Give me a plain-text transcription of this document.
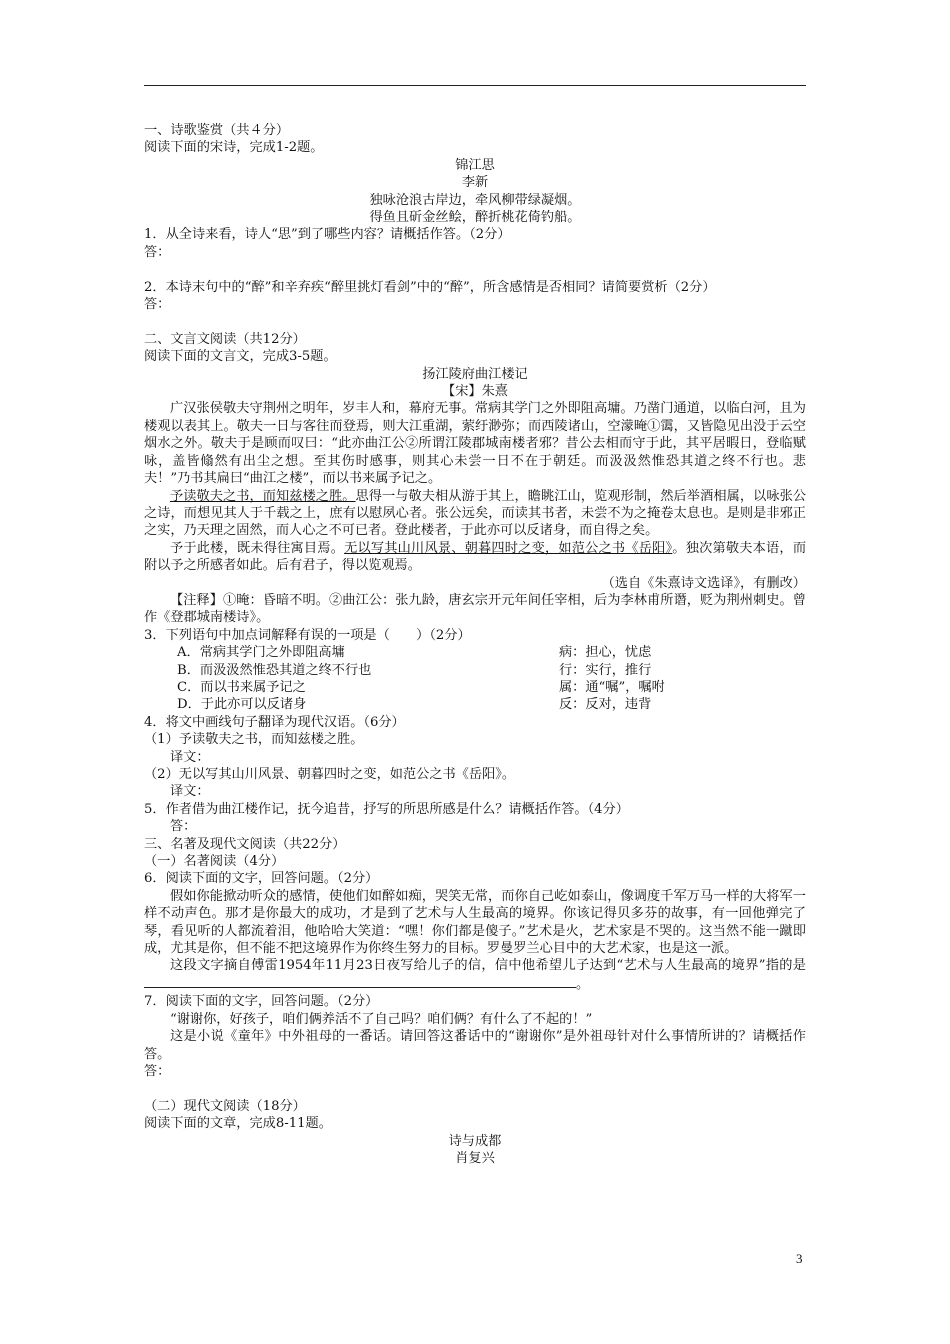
一、诗歌鉴赏（共４分）

阅读下面的宋诗，完成1-2题。

锦江思

李新

独咏沧浪古岸边，牵风柳带绿凝烟。

得鱼且斫金丝鲙，醉折桃花倚钓船。

1．从全诗来看，诗人“思”到了哪些内容？请概括作答。（2分）

答：

2．本诗末句中的“醉”和辛弃疾“醉里挑灯看剑”中的“醉”，所含感情是否相同？请简要赏析（2分）

答：

二、文言文阅读（共12分）

阅读下面的文言文，完成3-5题。

扬江陵府曲江楼记

【宋】朱熹

广汉张侯敬夫守荆州之明年，岁丰人和，幕府无事。常病其学门之外即阻高墉。乃凿门通道，以临白河，且为楼观以表其上。敬夫一日与客往而登焉，则大江重湖，萦纡渺弥；而西陵诸山，空濛晻①霭，又皆隐见出没于云空烟水之外。敬夫于是顾而叹曰：“此亦曲江公②所谓江陵郡城南楼者邪？昔公去相而守于此，其平居暇日，登临赋咏，盖皆翛然有出尘之想。至其伤时感事，则其心未尝一日不在于朝廷。而汲汲然惟恐其道之终不行也。悲夫！”乃书其扁曰“曲江之楼”，而以书来属予记之。

予读敬夫之书，而知兹楼之胜。思得一与敬夫相从游于其上，瞻眺江山，览观形制，然后举酒相属，以咏张公之诗，而想见其人于千载之上，庶有以慰夙心者。张公远矣，而读其书者，未尝不为之掩卷太息也。是则是非邪正之实，乃天理之固然，而人心之不可已者。登此楼者，于此亦可以反诸身，而自得之矣。

予于此楼，既未得往寓目焉。无以写其山川风景、朝暮四时之变，如范公之书《岳阳》。独次第敬夫本语，而附以予之所感者如此。后有君子，得以览观焉。

（选自《朱熹诗文选译》，有删改）

【注释】①晻：昏暗不明。②曲江公：张九龄，唐玄宗开元年间任宰相，后为李林甫所谮，贬为荆州刺史。曾作《登郡城南楼诗》。

3．下列语句中加点词解释有误的一项是（　　）（2分）

A．常病其学门之外即阻高墉	病：担心，忧虑
B．而汲汲然惟恐其道之终不行也	行：实行，推行
C．而以书来属予记之	属：通“嘱”，嘱咐
D．于此亦可以反诸身	反：反对，违背

4．将文中画线句子翻译为现代汉语。（6分）

（1）予读敬夫之书，而知兹楼之胜。

译文：

（2）无以写其山川风景、朝暮四时之变，如范公之书《岳阳》。

译文：

5．作者借为曲江楼作记，抚今追昔，抒写的所思所感是什么？请概括作答。（4分）

答：

三、名著及现代文阅读（共22分）

（一）名著阅读（4分）

6．阅读下面的文字，回答问题。（2分）

假如你能掀动听众的感情，使他们如醉如痴，哭笑无常，而你自己屹如泰山，像调度千军万马一样的大将军一样不动声色。那才是你最大的成功，才是到了艺术与人生最高的境界。你该记得贝多芬的故事，有一回他弹完了琴，看见听的人都流着泪，他哈哈大笑道：“嘿！你们都是傻子。”艺术是火，艺术家是不哭的。这当然不能一蹴即成，尤其是你，但不能不把这境界作为你终生努力的目标。罗曼罗兰心目中的大艺术家，也是这一派。

这段文字摘自傅雷1954年11月23日夜写给儿子的信，信中他希望儿子达到“艺术与人生最高的境界”指的是。

7．阅读下面的文字，回答问题。（2分）

“谢谢你，好孩子，咱们俩养活不了自己吗？咱们俩？有什么了不起的！”

这是小说《童年》中外祖母的一番话。请回答这番话中的“谢谢你”是外祖母针对什么事情所讲的？请概括作答。

答：

（二）现代文阅读（18分）

阅读下面的文章，完成8-11题。

诗与成都

肖复兴

3
